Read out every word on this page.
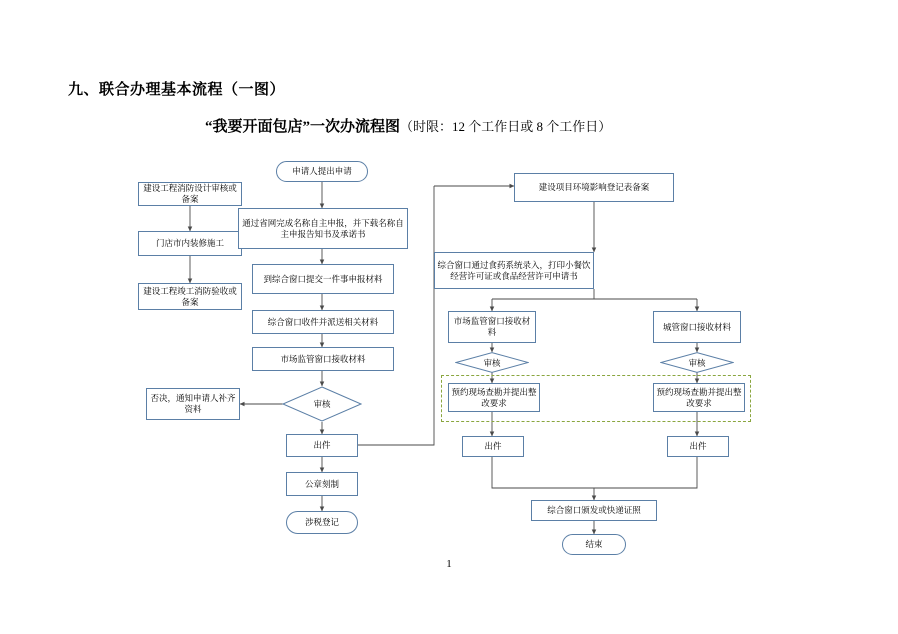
九、联合办理基本流程（一图）
“我要开面包店”一次办流程图（时限：12 个工作日或 8 个工作日）
申请人提出申请
建设工程消防设计审核或备案
门店市内装修施工
建设工程竣工消防验收或备案
通过省网完成名称自主申报，并下载名称自主申报告知书及承诺书
到综合窗口提交一件事申报材料
综合窗口收件并派送相关材料
市场监管窗口接收材料
审核
否决，通知申请人补齐资料
出件
公章刻制
涉税登记
建设项目环境影响登记表备案
综合窗口通过食药系统录入，打印小餐饮经营许可证或食品经营许可申请书
市场监管窗口接收材料
城管窗口接收材料
审核	审核
预约现场查勘并提出整改要求
预约现场查勘并提出整改要求
出件	出件
综合窗口颁发或快递证照
结束
1
